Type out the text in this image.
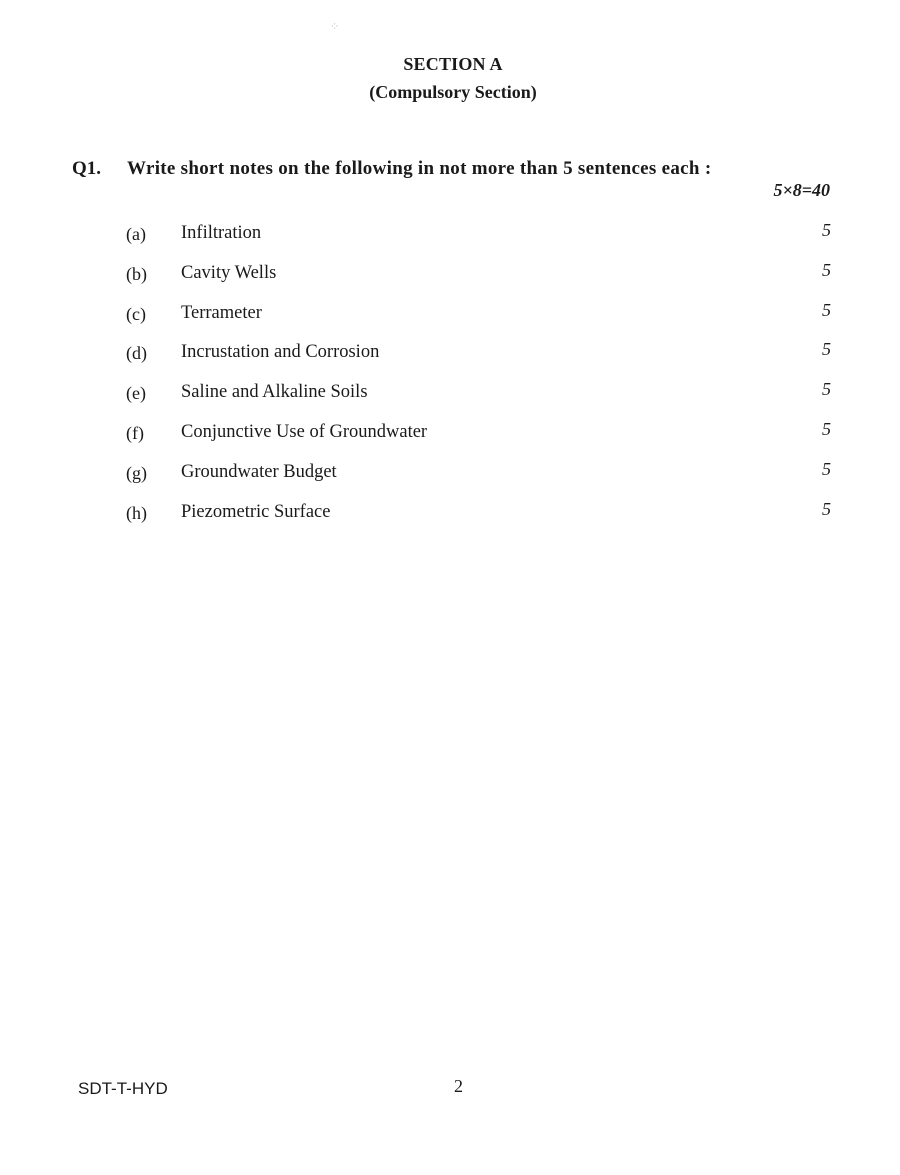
⁘
SECTION A
(Compulsory Section)
Q1. Write short notes on the following in not more than 5 sentences each :
5×8=40
(a) Infiltration	5
(b) Cavity Wells	5
(c) Terrameter	5
(d) Incrustation and Corrosion	5
(e) Saline and Alkaline Soils	5
(f) Conjunctive Use of Groundwater	5
(g) Groundwater Budget	5
(h) Piezometric Surface	5
SDT-T-HYD	2
